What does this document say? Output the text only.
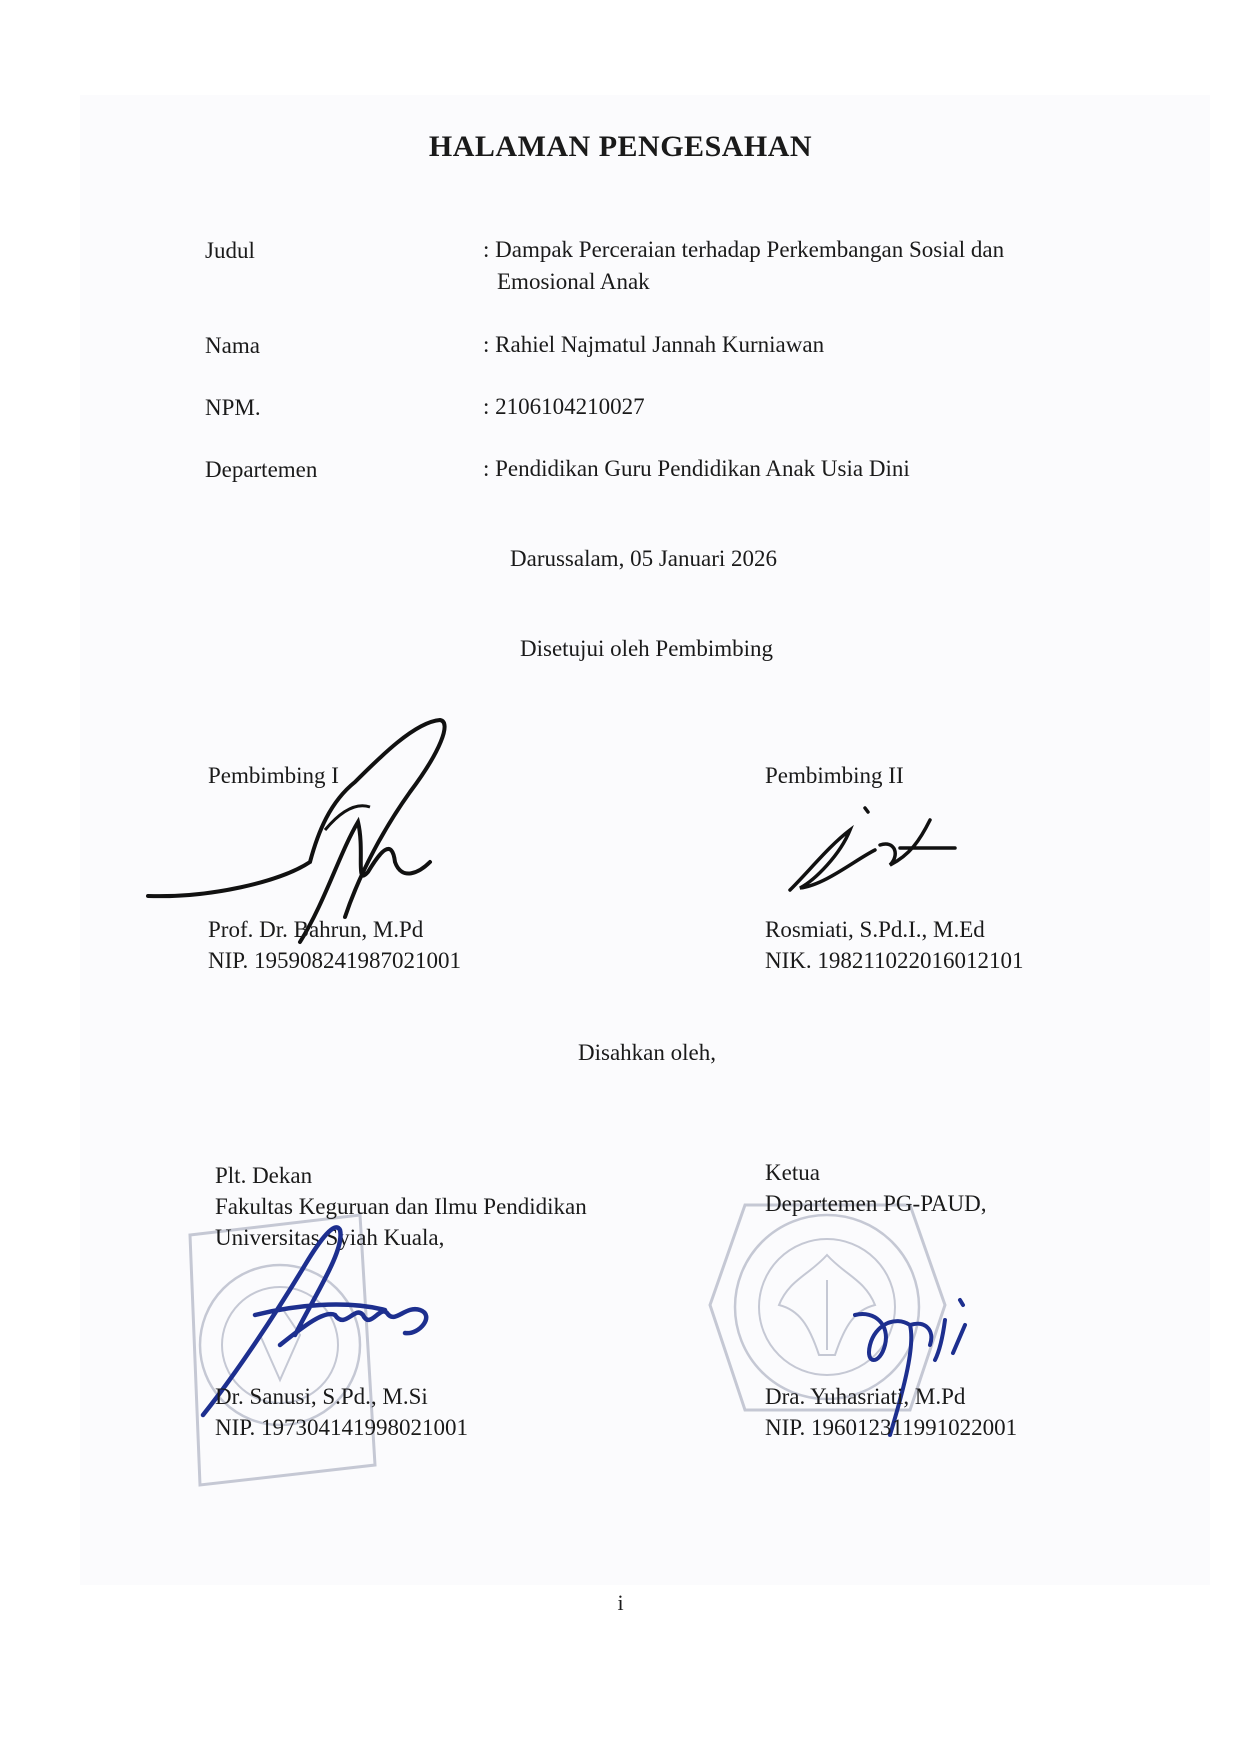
HALAMAN PENGESAHAN
Judul	: Dampak Perceraian terhadap Perkembangan Sosial dan
Emosional Anak
Nama	: Rahiel Najmatul Jannah Kurniawan
NPM.	: 2106104210027
Departemen	: Pendidikan Guru Pendidikan Anak Usia Dini
Darussalam, 05 Januari 2026
Disetujui oleh Pembimbing
Pembimbing I
Prof. Dr. Bahrun, M.Pd
NIP. 195908241987021001
Pembimbing II
Rosmiati, S.Pd.I., M.Ed
NIK. 198211022016012101
Disahkan oleh,
Plt. Dekan
Fakultas Keguruan dan Ilmu Pendidikan
Universitas Syiah Kuala,
Dr. Sanusi, S.Pd., M.Si
NIP. 197304141998021001
Ketua
Departemen PG-PAUD,
Dra. Yuhasriati, M.Pd
NIP. 196012311991022001
i
